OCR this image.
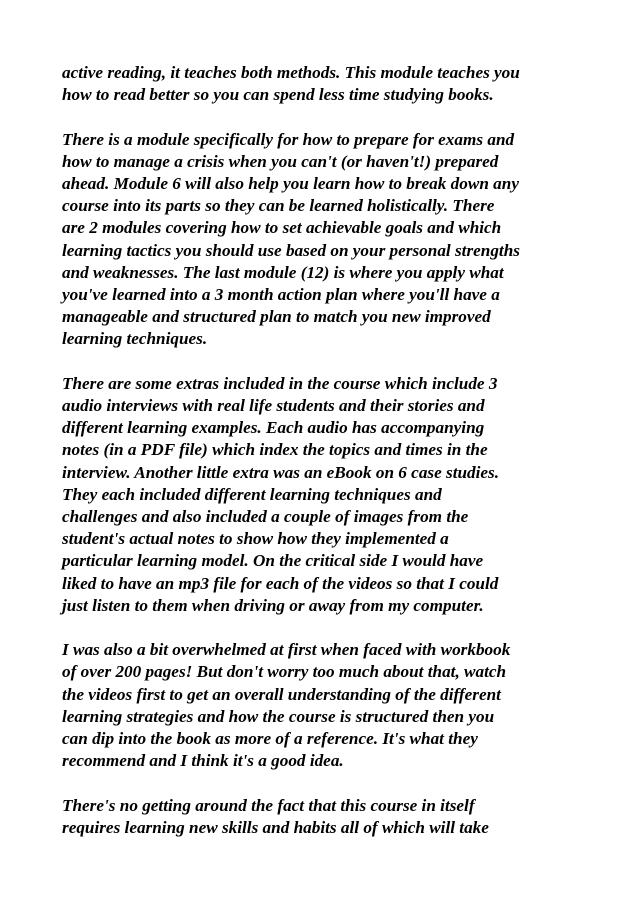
active reading, it teaches both methods. This module teaches you
how to read better so you can spend less time studying books.

There is a module specifically for how to prepare for exams and
how to manage a crisis when you can't (or haven't!) prepared
ahead. Module 6 will also help you learn how to break down any
course into its parts so they can be learned holistically. There
are 2 modules covering how to set achievable goals and which
learning tactics you should use based on your personal strengths
and weaknesses. The last module (12) is where you apply what
you've learned into a 3 month action plan where you'll have a
manageable and structured plan to match you new improved
learning techniques.

There are some extras included in the course which include 3
audio interviews with real life students and their stories and
different learning examples. Each audio has accompanying
notes (in a PDF file) which index the topics and times in the
interview. Another little extra was an eBook on 6 case studies.
They each included different learning techniques and
challenges and also included a couple of images from the
student's actual notes to show how they implemented a
particular learning model. On the critical side I would have
liked to have an mp3 file for each of the videos so that I could
just listen to them when driving or away from my computer.

I was also a bit overwhelmed at first when faced with workbook
of over 200 pages! But don't worry too much about that, watch
the videos first to get an overall understanding of the different
learning strategies and how the course is structured then you
can dip into the book as more of a reference. It's what they
recommend and I think it's a good idea.

There's no getting around the fact that this course in itself
requires learning new skills and habits all of which will take
